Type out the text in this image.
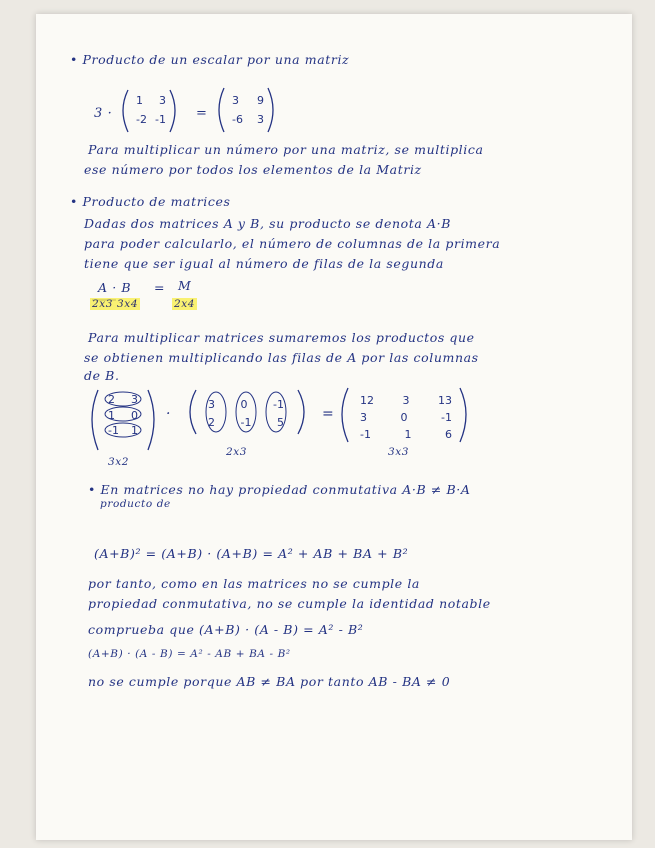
• Producto de un escalar por una matriz
3 ·
1 3
-2 -1 =
3 9
-6 3
Para multiplicar un número por una matriz, se multiplica
ese número por todos los elementos de la Matriz
• Producto de matrices
Dadas dos matrices A y B, su producto se denota A·B
para poder calcularlo, el número de columnas de la primera
tiene que ser igual al número de filas de la segunda
A · B = M
2x3 3x4	2x4
Para multiplicar matrices sumaremos los productos que
se obtienen multiplicando las filas de A por las columnas
de B.
2 3
1 0
-1 1
·
3 0 -1
2 -1 5
=
12	3	13
3	0	-1
-1	1	6
3x2
2x3	3x3
• En matrices no hay propiedad conmutativa A·B ≠ B·A
producto de
(A+B)² = (A+B) · (A+B) = A² + AB + BA + B²
por tanto, como en las matrices no se cumple la
propiedad conmutativa, no se cumple la identidad notable
comprueba que (A+B) · (A - B) = A² - B²
(A+B) · (A - B) = A² - AB + BA - B²
no se cumple porque AB ≠ BA por tanto AB - BA ≠ 0
